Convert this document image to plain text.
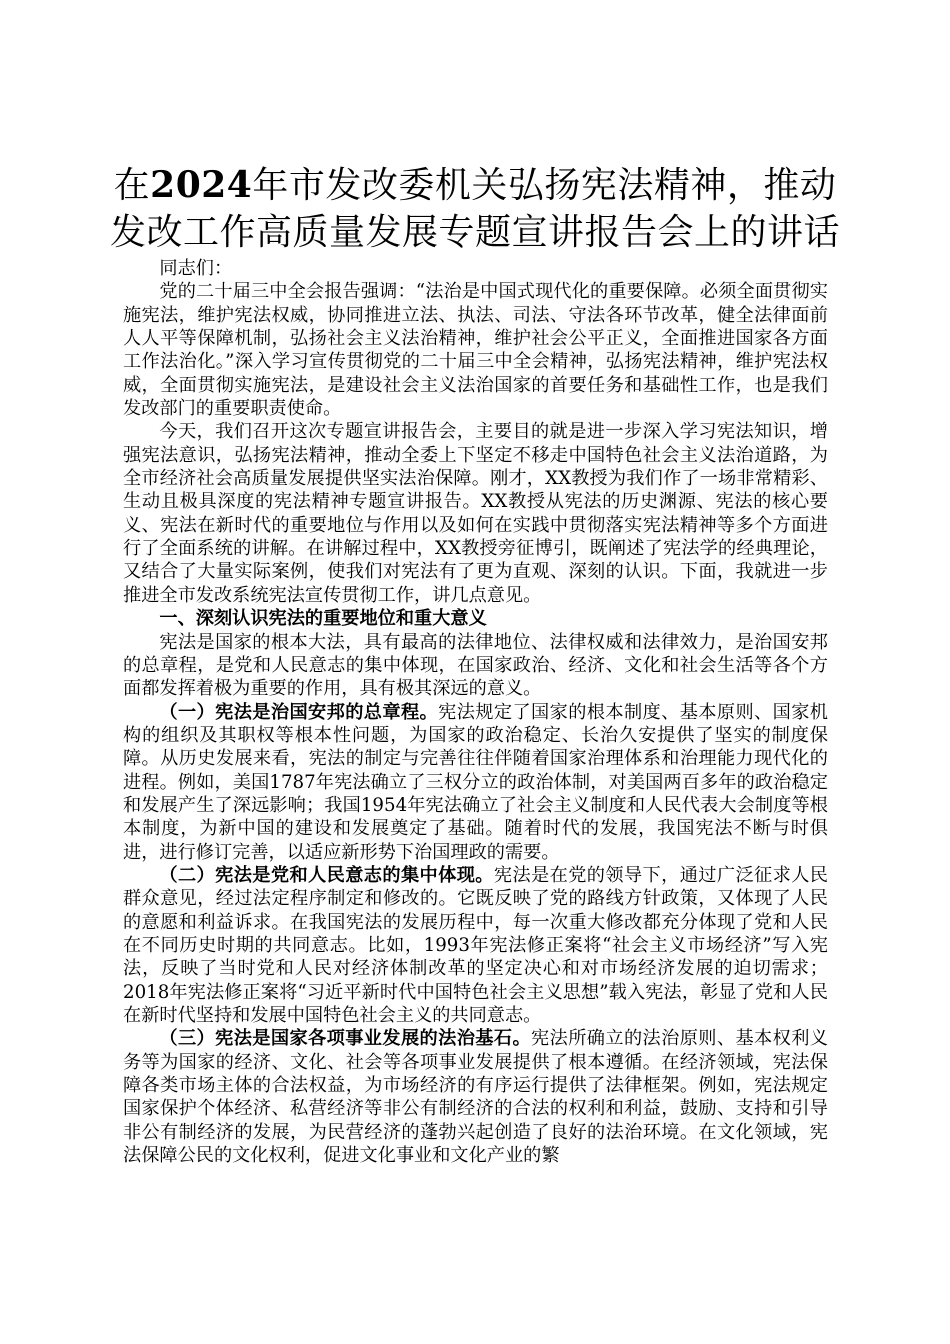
在2024年市发改委机关弘扬宪法精神，推动发改工作高质量发展专题宣讲报告会上的讲话

同志们：

党的二十届三中全会报告强调：“法治是中国式现代化的重要保障。必须全面贯彻实施宪法，维护宪法权威，协同推进立法、执法、司法、守法各环节改革，健全法律面前人人平等保障机制，弘扬社会主义法治精神，维护社会公平正义，全面推进国家各方面工作法治化。”深入学习宣传贯彻党的二十届三中全会精神，弘扬宪法精神，维护宪法权威，全面贯彻实施宪法，是建设社会主义法治国家的首要任务和基础性工作，也是我们发改部门的重要职责使命。

今天，我们召开这次专题宣讲报告会，主要目的就是进一步深入学习宪法知识，增强宪法意识，弘扬宪法精神，推动全委上下坚定不移走中国特色社会主义法治道路，为全市经济社会高质量发展提供坚实法治保障。刚才，XX教授为我们作了一场非常精彩、生动且极具深度的宪法精神专题宣讲报告。XX教授从宪法的历史渊源、宪法的核心要义、宪法在新时代的重要地位与作用以及如何在实践中贯彻落实宪法精神等多个方面进行了全面系统的讲解。在讲解过程中，XX教授旁征博引，既阐述了宪法学的经典理论，又结合了大量实际案例，使我们对宪法有了更为直观、深刻的认识。下面，我就进一步推进全市发改系统宪法宣传贯彻工作，讲几点意见。

一、深刻认识宪法的重要地位和重大意义

宪法是国家的根本大法，具有最高的法律地位、法律权威和法律效力，是治国安邦的总章程，是党和人民意志的集中体现，在国家政治、经济、文化和社会生活等各个方面都发挥着极为重要的作用，具有极其深远的意义。

（一）宪法是治国安邦的总章程。宪法规定了国家的根本制度、基本原则、国家机构的组织及其职权等根本性问题，为国家的政治稳定、长治久安提供了坚实的制度保障。从历史发展来看，宪法的制定与完善往往伴随着国家治理体系和治理能力现代化的进程。例如，美国1787年宪法确立了三权分立的政治体制，对美国两百多年的政治稳定和发展产生了深远影响；我国1954年宪法确立了社会主义制度和人民代表大会制度等根本制度，为新中国的建设和发展奠定了基础。随着时代的发展，我国宪法不断与时俱进，进行修订完善，以适应新形势下治国理政的需要。

（二）宪法是党和人民意志的集中体现。宪法是在党的领导下，通过广泛征求人民群众意见，经过法定程序制定和修改的。它既反映了党的路线方针政策，又体现了人民的意愿和利益诉求。在我国宪法的发展历程中，每一次重大修改都充分体现了党和人民在不同历史时期的共同意志。比如，1993年宪法修正案将“社会主义市场经济”写入宪法，反映了当时党和人民对经济体制改革的坚定决心和对市场经济发展的迫切需求；2018年宪法修正案将“习近平新时代中国特色社会主义思想”载入宪法，彰显了党和人民在新时代坚持和发展中国特色社会主义的共同意志。

（三）宪法是国家各项事业发展的法治基石。宪法所确立的法治原则、基本权利义务等为国家的经济、文化、社会等各项事业发展提供了根本遵循。在经济领域，宪法保障各类市场主体的合法权益，为市场经济的有序运行提供了法律框架。例如，宪法规定国家保护个体经济、私营经济等非公有制经济的合法的权利和利益，鼓励、支持和引导非公有制经济的发展，为民营经济的蓬勃兴起创造了良好的法治环境。在文化领域，宪法保障公民的文化权利，促进文化事业和文化产业的繁
